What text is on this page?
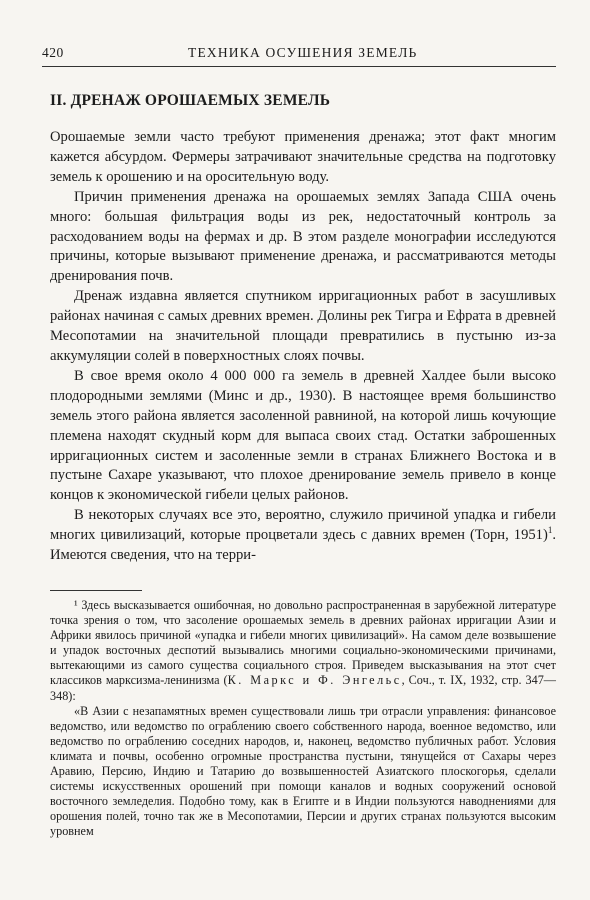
420	ТЕХНИКА ОСУШЕНИЯ ЗЕМЕЛЬ
II. ДРЕНАЖ ОРОШАЕМЫХ ЗЕМЕЛЬ

Орошаемые земли часто требуют применения дренажа; этот факт многим кажется абсурдом. Фермеры затрачивают значительные средства на подготовку земель к орошению и на оросительную воду.

Причин применения дренажа на орошаемых землях Запада США очень много: большая фильтрация воды из рек, недостаточный контроль за расходованием воды на фермах и др. В этом разделе монографии исследуются причины, которые вызывают применение дренажа, и рассматриваются методы дренирования почв.

Дренаж издавна является спутником ирригационных работ в засушливых районах начиная с самых древних времен. Долины рек Тигра и Ефрата в древней Месопотамии на значительной площади превратились в пустыню из-за аккумуляции солей в поверхностных слоях почвы.

В свое время около 4 000 000 га земель в древней Халдее были высоко плодородными землями (Минс и др., 1930). В настоящее время большинство земель этого района является засоленной равниной, на которой лишь кочующие племена находят скудный корм для выпаса своих стад. Остатки заброшенных ирригационных систем и засоленные земли в странах Ближнего Востока и в пустыне Сахаре указывают, что плохое дренирование земель привело в конце концов к экономической гибели целых районов.

В некоторых случаях все это, вероятно, служило причиной упадка и гибели многих цивилизаций, которые процветали здесь с давних времен (Торн, 1951)$^1$. Имеются сведения, что на терри-

¹ Здесь высказывается ошибочная, но довольно распространенная в зарубежной литературе точка зрения о том, что засоление орошаемых земель в древних районах ирригации Азии и Африки явилось причиной «упадка и гибели многих цивилизаций». На самом деле возвышение и упадок восточных деспотий вызывались многими социально-экономическими причинами, вытекающими из самого существа социального строя. Приведем высказывания на этот счет классиков марксизма-ленинизма (К. Маркс и Ф. Энгельс, Соч., т. IX, 1932, стр. 347—348):

«В Азии с незапамятных времен существовали лишь три отрасли управления: финансовое ведомство, или ведомство по ограблению своего собственного народа, военное ведомство, или ведомство по ограблению соседних народов, и, наконец, ведомство публичных работ. Условия климата и почвы, особенно огромные пространства пустыни, тянущейся от Сахары через Аравию, Персию, Индию и Татарию до возвышенностей Азиатского плоскогорья, сделали системы искусственных орошений при помощи каналов и водных сооружений основой восточного земледелия. Подобно тому, как в Египте и в Индии пользуются наводнениями для орошения полей, точно так же в Месопотамии, Персии и других странах пользуются высоким уровнем
